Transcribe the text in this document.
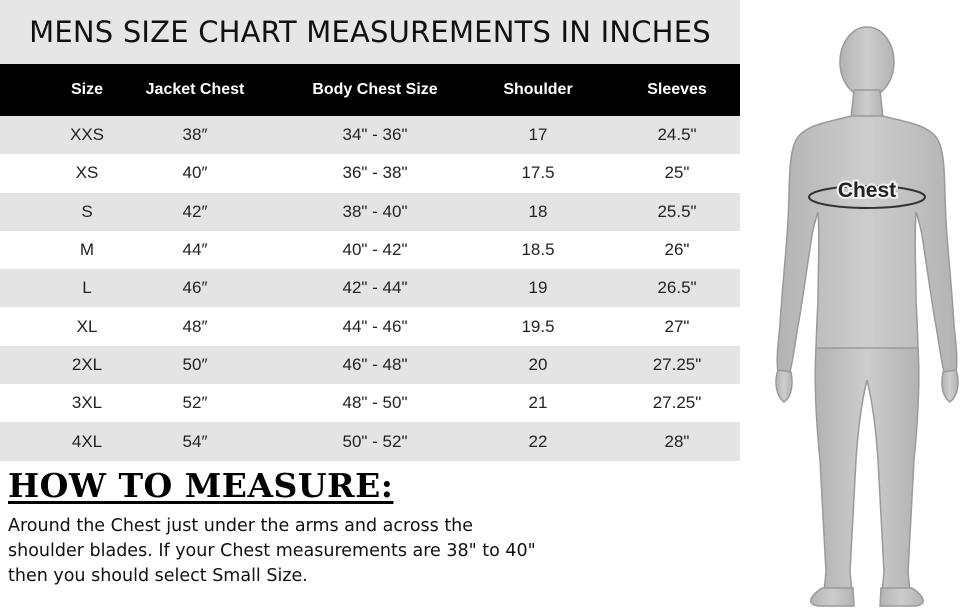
MENS SIZE CHART MEASUREMENTS IN INCHES
Size	Jacket Chest	Body Chest Size	Shoulder	Sleeves
XXS	38″	34" - 36"	17	24.5"
XS	40″	36" - 38"	17.5	25"
S	42″	38" - 40"	18	25.5"
M	44″	40" - 42"	18.5	26"
L	46″	42" - 44"	19	26.5"
XL	48″	44" - 46"	19.5	27"
2XL	50″	46" - 48"	20	27.25"
3XL	52″	48" - 50"	21	27.25"
4XL	54″	50" - 52"	22	28"
HOW TO MEASURE:
Around the Chest just under the arms and across the
shoulder blades. If your Chest measurements are 38" to 40"
then you should select Small Size.
Chest
